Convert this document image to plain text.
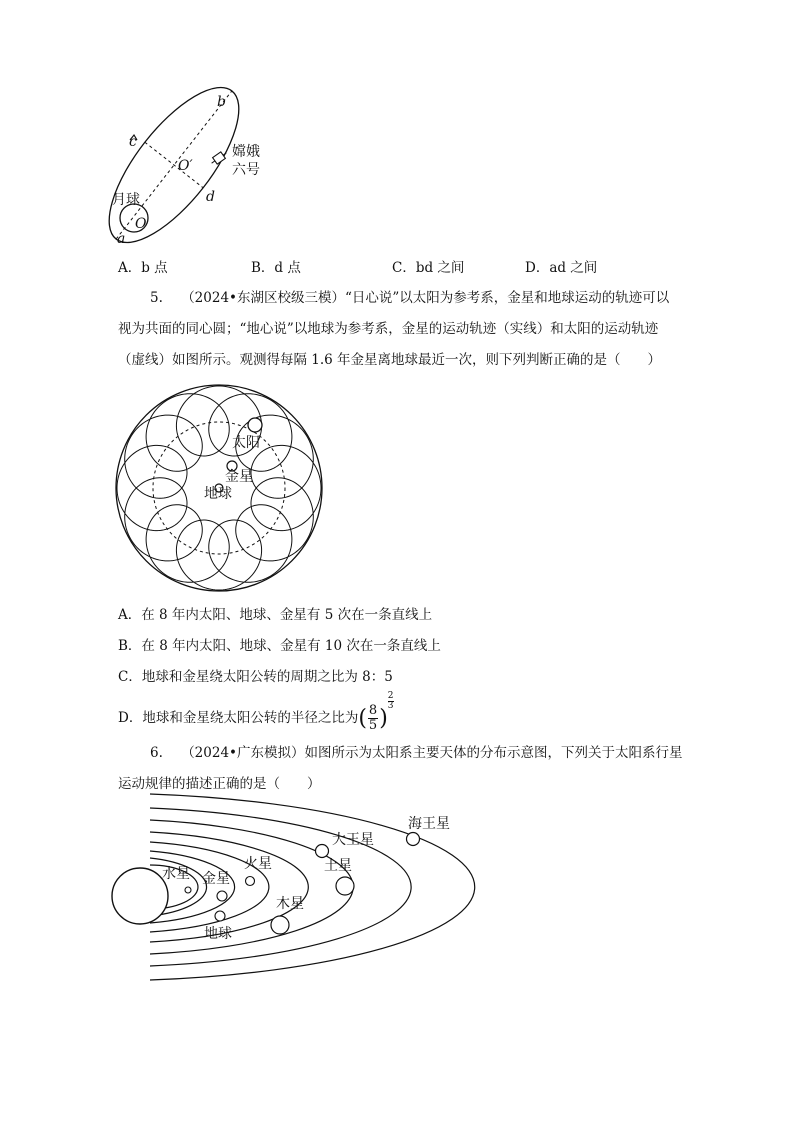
b
c
O′
d
a
O
月球
嫦娥
六号
A．b 点	B．d 点	C．bd 之间	D．ad 之间
5. （2024•东湖区校级三模）“日心说”以太阳为参考系，金星和地球运动的轨迹可以
视为共面的同心圆；“地心说”以地球为参考系，金星的运动轨迹（实线）和太阳的运动轨迹
（虚线）如图所示。观测得每隔 1.6 年金星离地球最近一次，则下列判断正确的是（　　）
太阳
金星
地球
A．在 8 年内太阳、地球、金星有 5 次在一条直线上
B．在 8 年内太阳、地球、金星有 10 次在一条直线上
C．地球和金星绕太阳公转的周期之比为 8：5
D．地球和金星绕太阳公转的半径之比为( $\frac{8}{5}$ )
$^{\frac{2}{3}}$
6. （2024•广东模拟）如图所示为太阳系主要天体的分布示意图，下列关于太阳系行星
运动规律的描述正确的是（　　）
水星 金星
地球
火星
木星
土星
大王星
海王星
